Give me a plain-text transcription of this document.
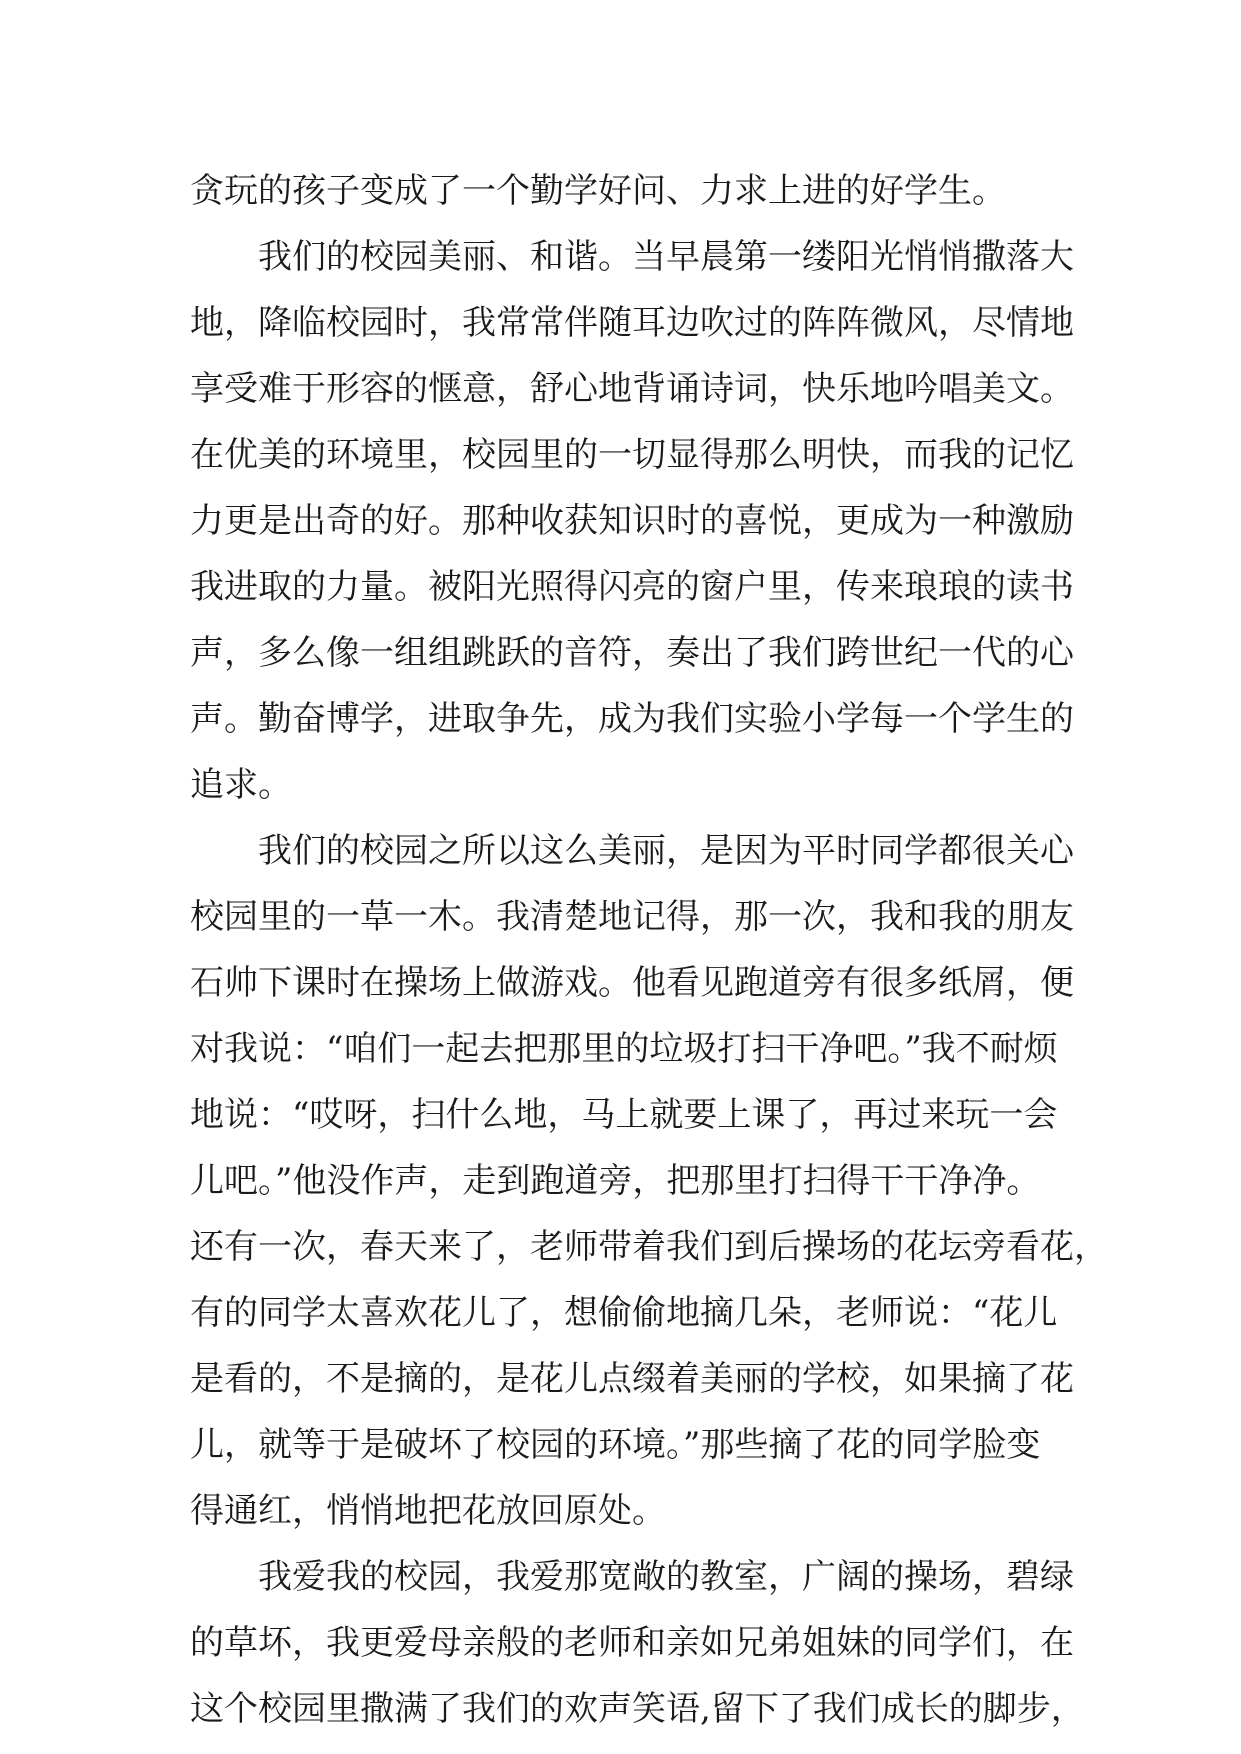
贪玩的孩子变成了一个勤学好问、力求上进的好学生。
我们的校园美丽、和谐。当早晨第一缕阳光悄悄撒落大
地，降临校园时，我常常伴随耳边吹过的阵阵微风，尽情地
享受难于形容的惬意，舒心地背诵诗词，快乐地吟唱美文。
在优美的环境里，校园里的一切显得那么明快，而我的记忆
力更是出奇的好。那种收获知识时的喜悦，更成为一种激励
我进取的力量。被阳光照得闪亮的窗户里，传来琅琅的读书
声，多么像一组组跳跃的音符，奏出了我们跨世纪一代的心
声。勤奋博学，进取争先，成为我们实验小学每一个学生的
追求。
我们的校园之所以这么美丽，是因为平时同学都很关心
校园里的一草一木。我清楚地记得，那一次，我和我的朋友
石帅下课时在操场上做游戏。他看见跑道旁有很多纸屑，便
对我说：“咱们一起去把那里的垃圾打扫干净吧。”我不耐烦
地说：“哎呀，扫什么地，马上就要上课了，再过来玩一会
儿吧。”他没作声，走到跑道旁，把那里打扫得干干净净。
还有一次，春天来了，老师带着我们到后操场的花坛旁看花，
有的同学太喜欢花儿了，想偷偷地摘几朵，老师说：“花儿
是看的，不是摘的，是花儿点缀着美丽的学校，如果摘了花
儿，就等于是破坏了校园的环境。”那些摘了花的同学脸变
得通红，悄悄地把花放回原处。
我爱我的校园，我爱那宽敞的教室，广阔的操场，碧绿
的草坏，我更爱母亲般的老师和亲如兄弟姐妹的同学们，在
这个校园里撒满了我们的欢声笑语,留下了我们成长的脚步，
